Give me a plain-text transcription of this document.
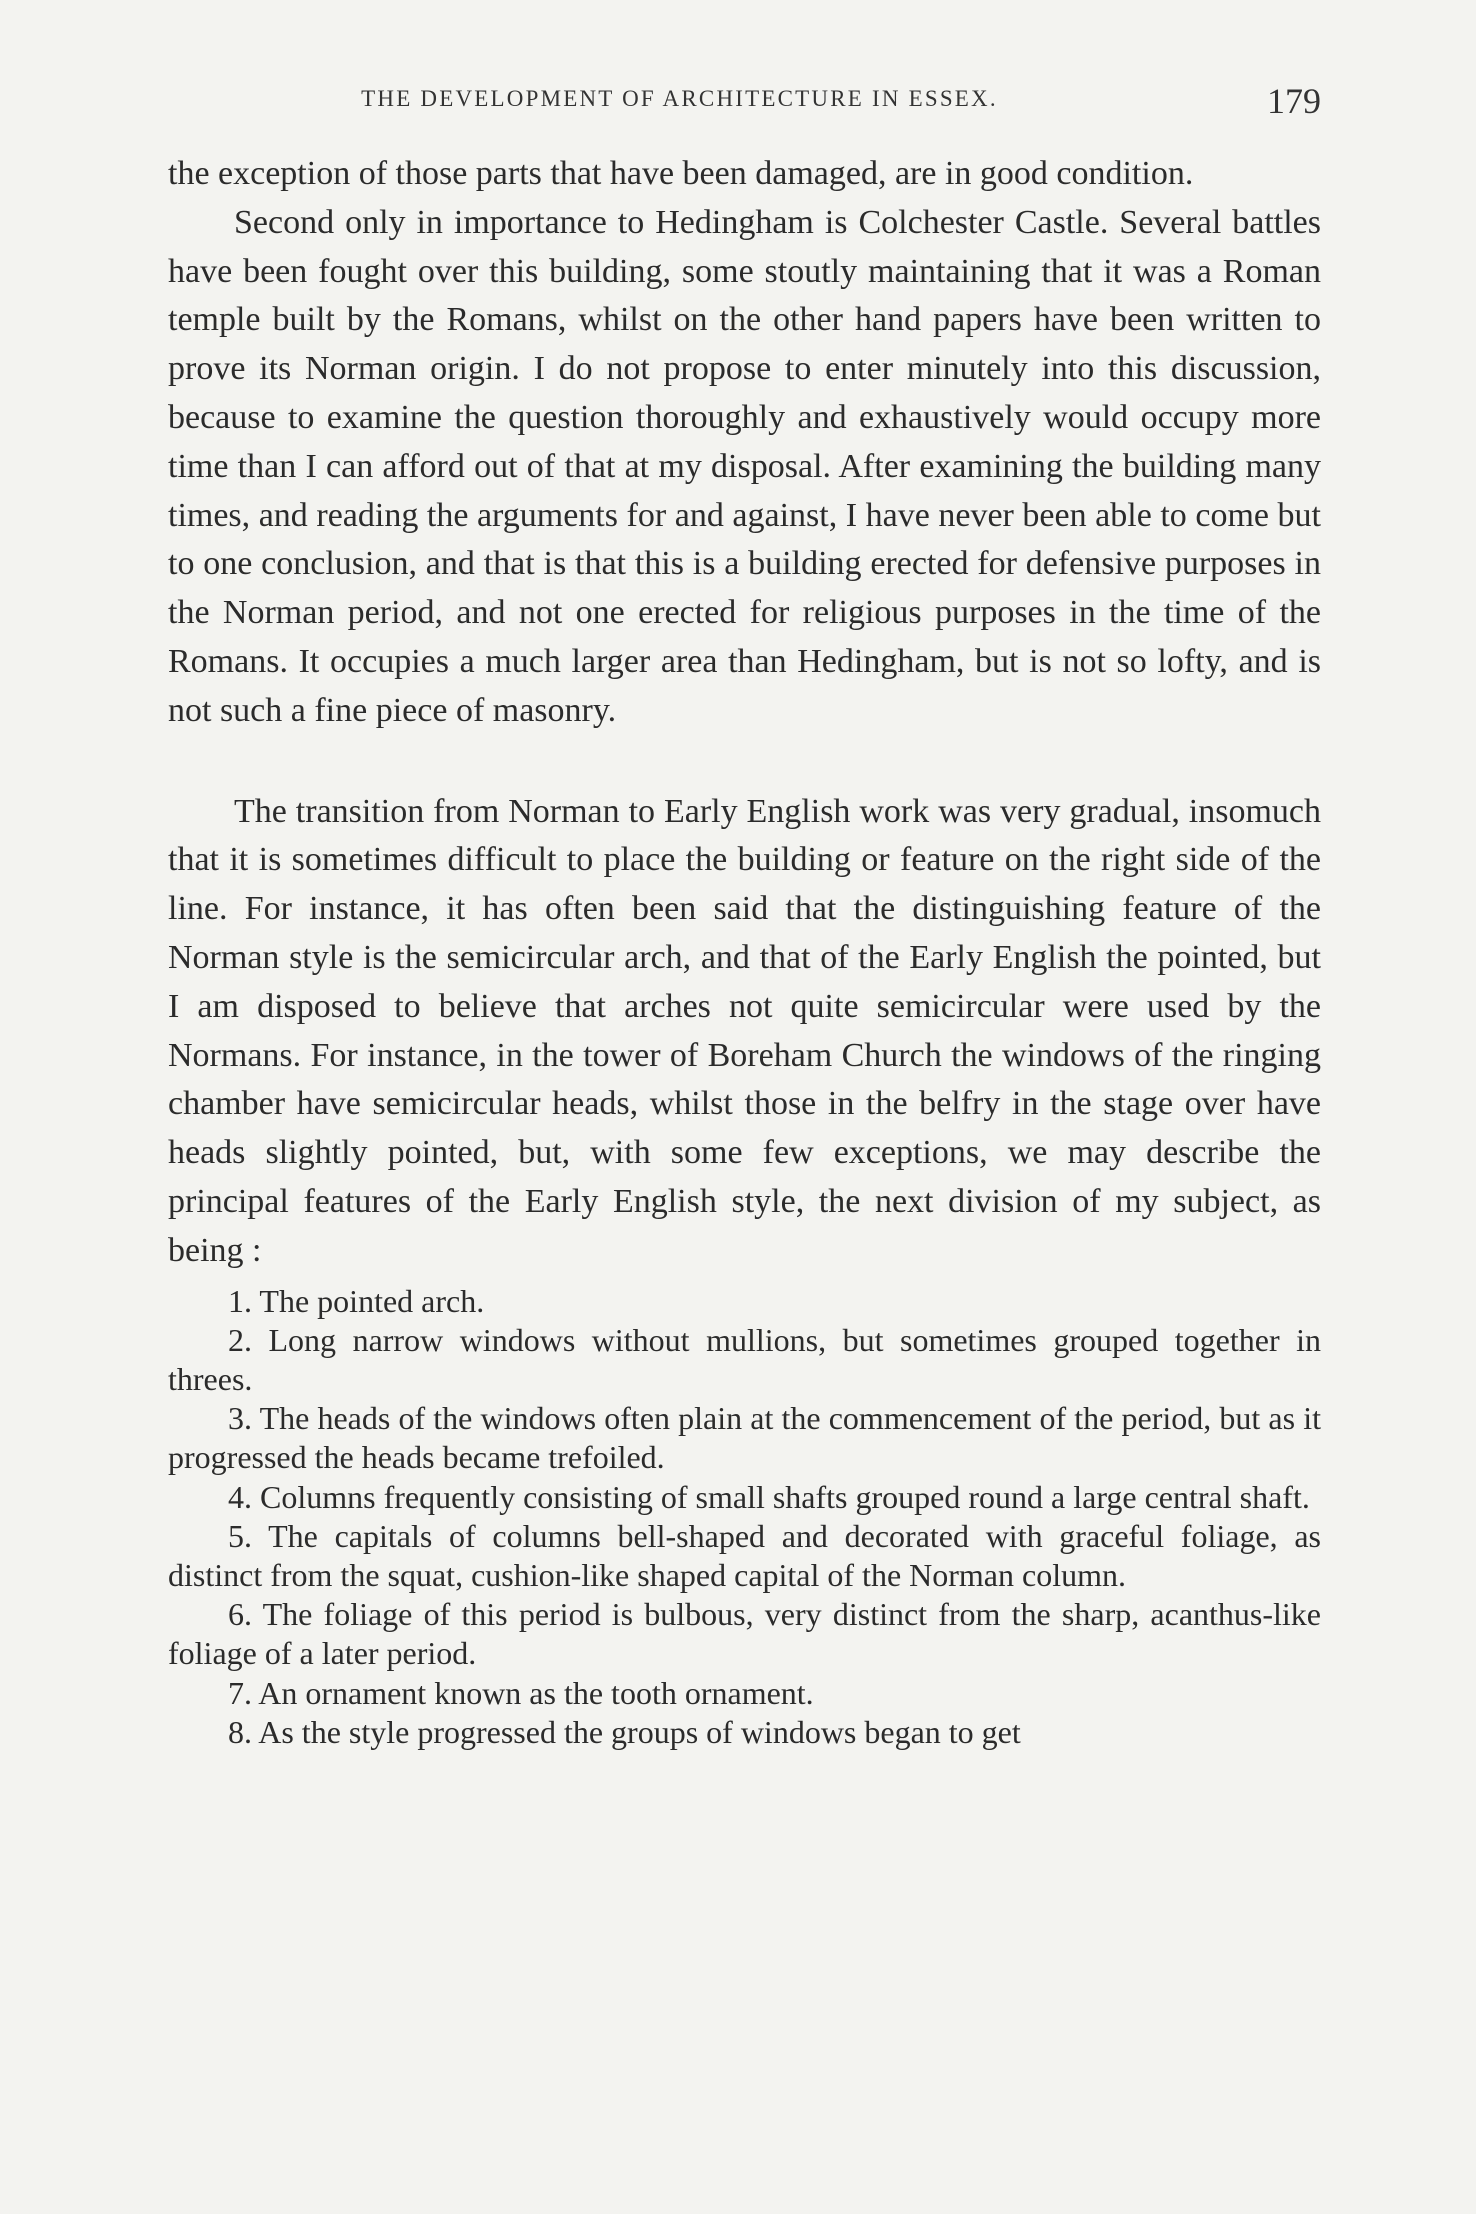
THE DEVELOPMENT OF ARCHITECTURE IN ESSEX.	179

the exception of those parts that have been damaged, are in good condition.

Second only in importance to Hedingham is Colchester Castle. Several battles have been fought over this building, some stoutly maintaining that it was a Roman temple built by the Romans, whilst on the other hand papers have been written to prove its Norman origin. I do not propose to enter minutely into this discussion, because to examine the question thoroughly and exhaustively would occupy more time than I can afford out of that at my disposal. After examining the building many times, and reading the arguments for and against, I have never been able to come but to one conclusion, and that is that this is a building erected for defensive purposes in the Norman period, and not one erected for religious purposes in the time of the Romans. It occupies a much larger area than Hedingham, but is not so lofty, and is not such a fine piece of masonry.

The transition from Norman to Early English work was very gradual, insomuch that it is sometimes difficult to place the building or feature on the right side of the line. For instance, it has often been said that the distinguishing feature of the Norman style is the semicircular arch, and that of the Early English the pointed, but I am disposed to believe that arches not quite semicircular were used by the Normans. For instance, in the tower of Boreham Church the windows of the ringing chamber have semicircular heads, whilst those in the belfry in the stage over have heads slightly pointed, but, with some few exceptions, we may describe the principal features of the Early English style, the next division of my subject, as being :

1. The pointed arch.

2. Long narrow windows without mullions, but sometimes grouped together in threes.

3. The heads of the windows often plain at the commencement of the period, but as it progressed the heads became trefoiled.

4. Columns frequently consisting of small shafts grouped round a large central shaft.

5. The capitals of columns bell-shaped and decorated with graceful foliage, as distinct from the squat, cushion-like shaped capital of the Norman column.

6. The foliage of this period is bulbous, very distinct from the sharp, acanthus-like foliage of a later period.

7. An ornament known as the tooth ornament.

8. As the style progressed the groups of windows began to get
